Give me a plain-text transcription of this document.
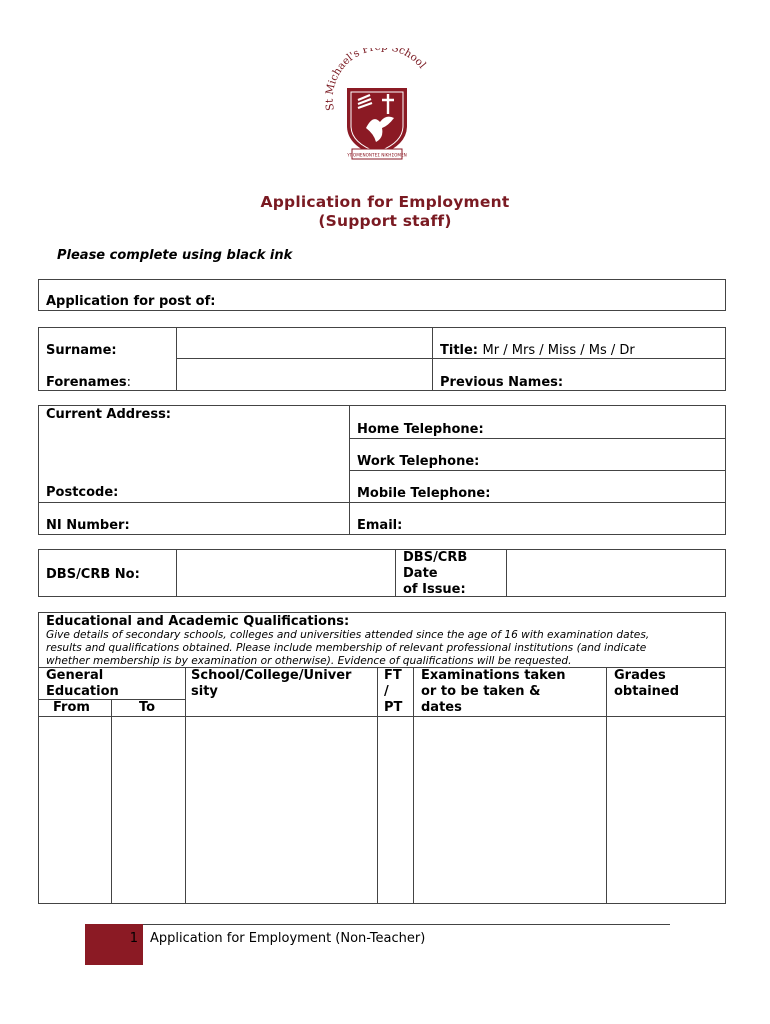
St Michael's P School
ΥΠΟΜΕΝΟΝΤΕΣ ΝΙΚΗΣΟΜΕΝ
Application for Employment
(Support staff)
Please complete using black ink
Application for post of:
Surname:
Forenames:
Title: Mr / Mrs / Miss / Ms / Dr
Previous Names:
Current Address:
Postcode:
NI Number:
Home Telephone:
Work Telephone:
Mobile Telephone:
Email:
DBS/CRB No:
DBS/CRB
Date
of Issue:
Educational and Academic Qualifications:
Give details of secondary schools, colleges and universities attended since the age of 16 with examination dates,
results and qualifications obtained. Please include membership of relevant professional institutions (and indicate
whether membership is by examination or otherwise). Evidence of qualifications will be requested.
General
Education
From	To
School/College/Univer
sity
FT
/
PT
Examinations taken
or to be taken &
dates
Grades
obtained
1 Application for Employment (Non-Teacher)
